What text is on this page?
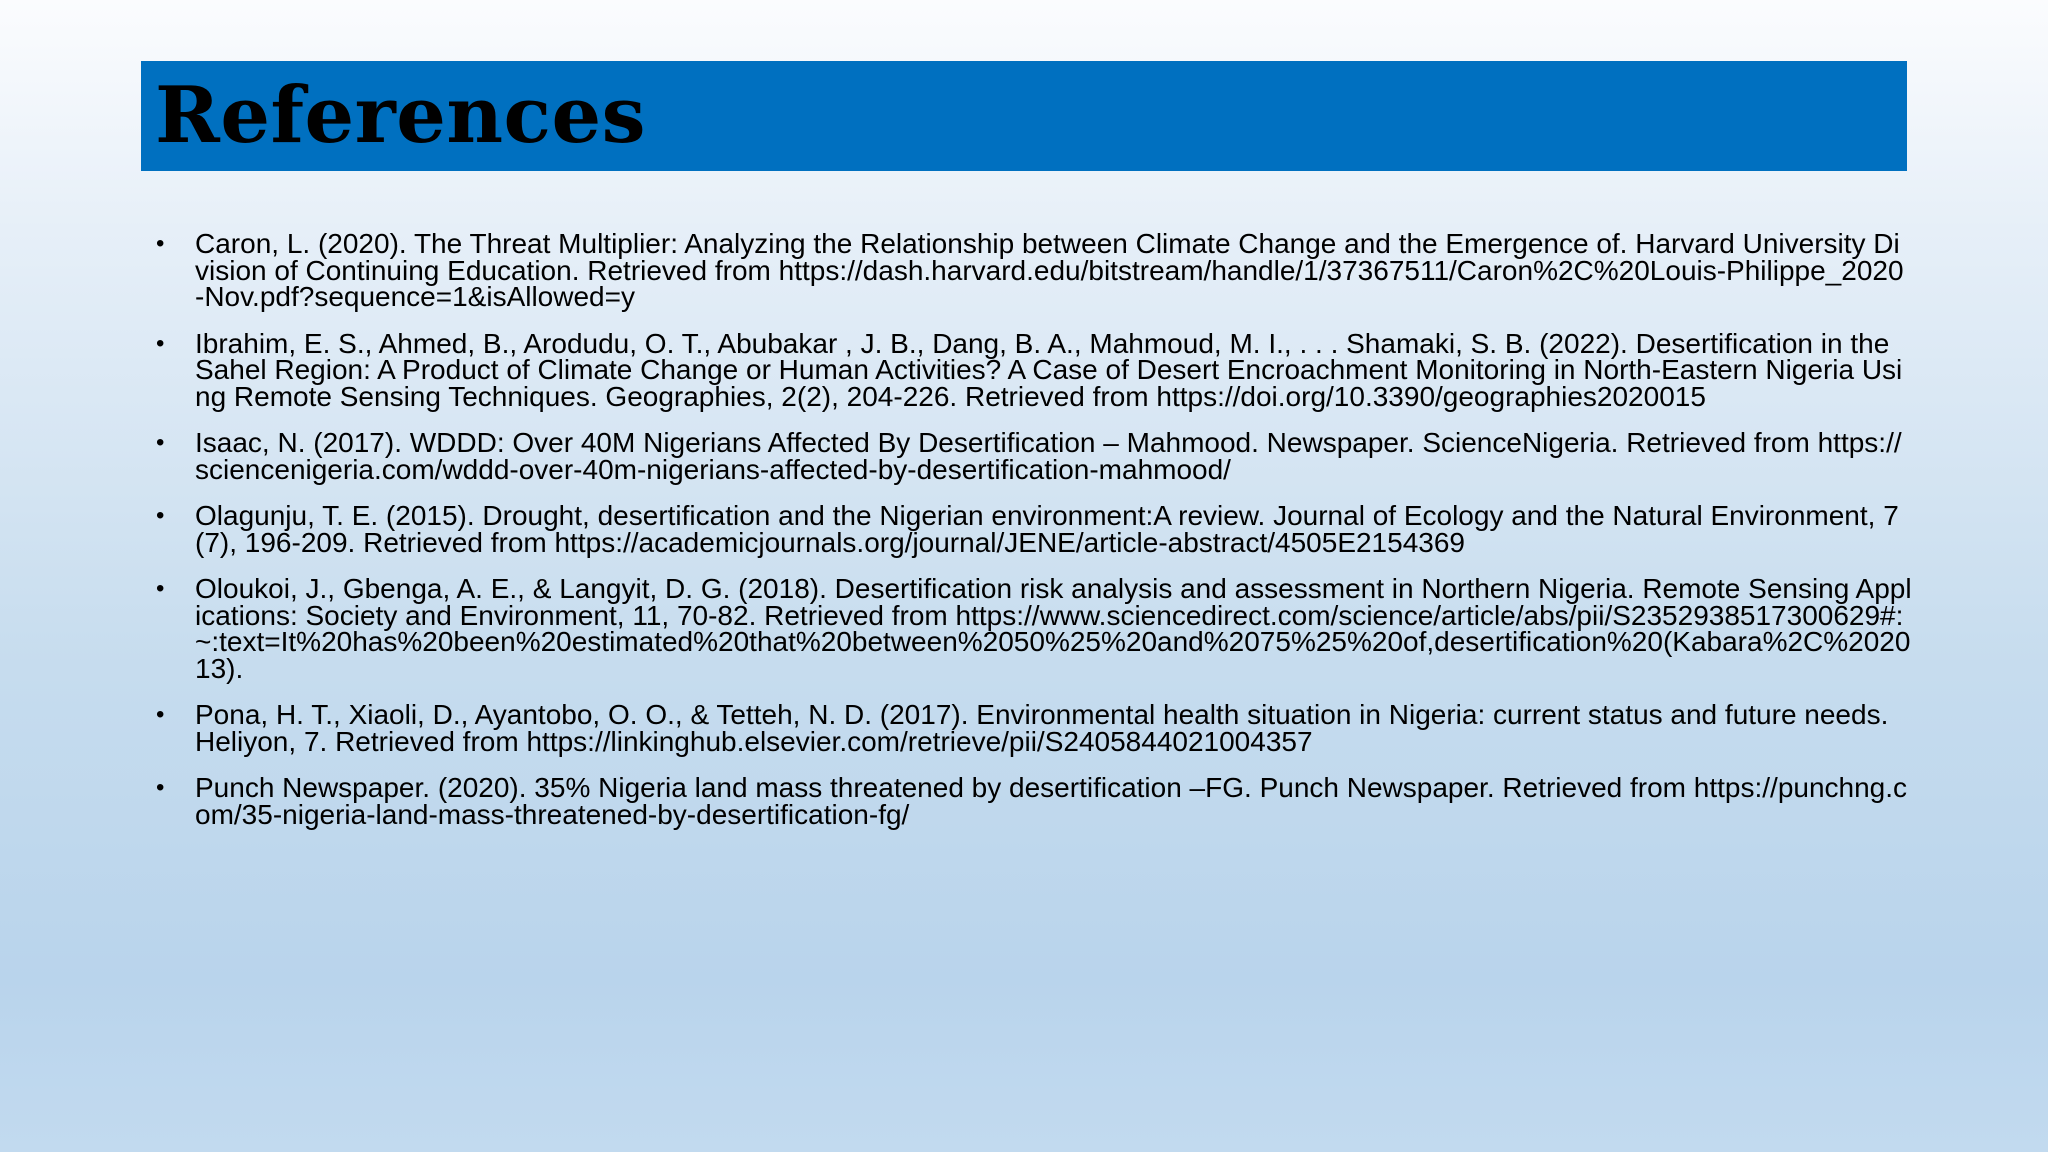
References
• Caron, L. (2020). The Threat Multiplier: Analyzing the Relationship between Climate Change and the Emergence of. Harvard University Division of Continuing Education. Retrieved from https://dash.harvard.edu/bitstream/handle/1/37367511/Caron%2C%20Louis-Philippe_2020-Nov.pdf?sequence=1&isAllowed=y
• Ibrahim, E. S., Ahmed, B., Arodudu, O. T., Abubakar , J. B., Dang, B. A., Mahmoud, M. I., . . . Shamaki, S. B. (2022). Desertification in the Sahel Region: A Product of Climate Change or Human Activities? A Case of Desert Encroachment Monitoring in North-Eastern Nigeria Using Remote Sensing Techniques. Geographies, 2(2), 204-226. Retrieved from https://doi.org/10.3390/geographies2020015
• Isaac, N. (2017). WDDD: Over 40M Nigerians Affected By Desertification – Mahmood. Newspaper. ScienceNigeria. Retrieved from https://sciencenigeria.com/wddd-over-40m-nigerians-affected-by-desertification-mahmood/
• Olagunju, T. E. (2015). Drought, desertification and the Nigerian environment:A review. Journal of Ecology and the Natural Environment, 7(7), 196-209. Retrieved from https://academicjournals.org/journal/JENE/article-abstract/4505E2154369
• Oloukoi, J., Gbenga, A. E., & Langyit, D. G. (2018). Desertification risk analysis and assessment in Northern Nigeria. Remote Sensing Applications: Society and Environment, 11, 70-82. Retrieved from https://www.sciencedirect.com/science/article/abs/pii/S2352938517300629#:~:text=It%20has%20been%20estimated%20that%20between%2050%25%20and%2075%25%20of,desertification%20(Kabara%2C%202013).
• Pona, H. T., Xiaoli, D., Ayantobo, O. O., & Tetteh, N. D. (2017). Environmental health situation in Nigeria: current status and future needs. Heliyon, 7. Retrieved from https://linkinghub.elsevier.com/retrieve/pii/S2405844021004357
• Punch Newspaper. (2020). 35% Nigeria land mass threatened by desertification –FG. Punch Newspaper. Retrieved from https://punchng.com/35-nigeria-land-mass-threatened-by-desertification-fg/
